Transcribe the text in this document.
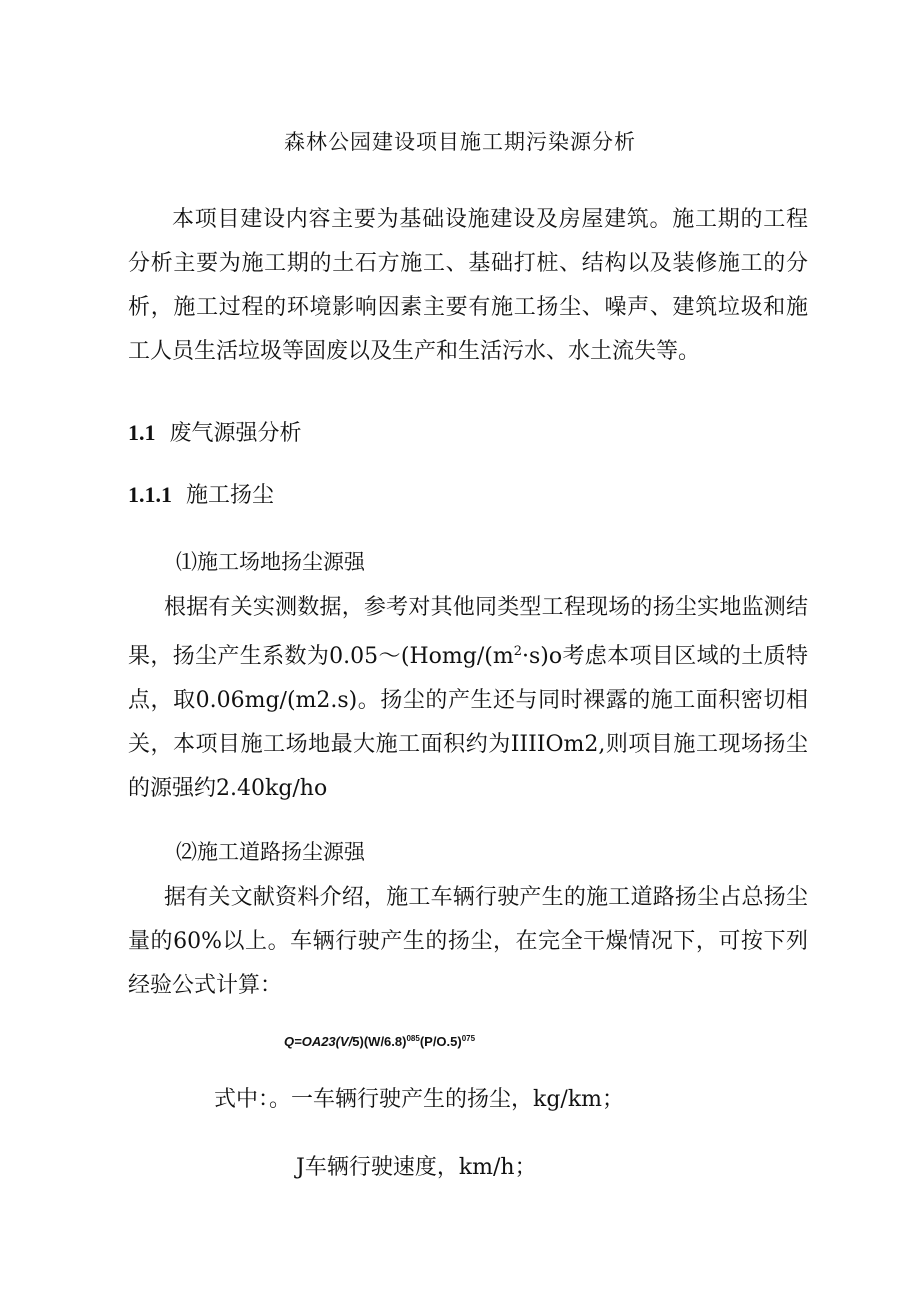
森林公园建设项目施工期污染源分析

本项目建设内容主要为基础设施建设及房屋建筑。施工期的工程分析主要为施工期的土石方施工、基础打桩、结构以及装修施工的分析，施工过程的环境影响因素主要有施工扬尘、噪声、建筑垃圾和施工人员生活垃圾等固废以及生产和生活污水、水土流失等。

1.1 废气源强分析
1.1.1 施工扬尘
⑴施工场地扬尘源强

根据有关实测数据，参考对其他同类型工程现场的扬尘实地监测结果，扬尘产生系数为$0.05\sim(Homg/(m^2\cdot s)o$考虑本项目区域的土质特点，取0.06mg∕(m2.s)。扬尘的产生还与同时裸露的施工面积密切相关，本项目施工场地最大施工面积约为IIIIOm2,则项目施工现场扬尘的源强约2.40kg∕ho

⑵施工道路扬尘源强

据有关文献资料介绍，施工车辆行驶产生的施工道路扬尘占总扬尘量的60%以上。车辆行驶产生的扬尘，在完全干燥情况下，可按下列经验公式计算：

$Q=OA23(V/5)(W/6.8)^{085}(P/O.5)^{075}$
式中：。一车辆行驶产生的扬尘，kg/km；
J车辆行驶速度，km/h；
